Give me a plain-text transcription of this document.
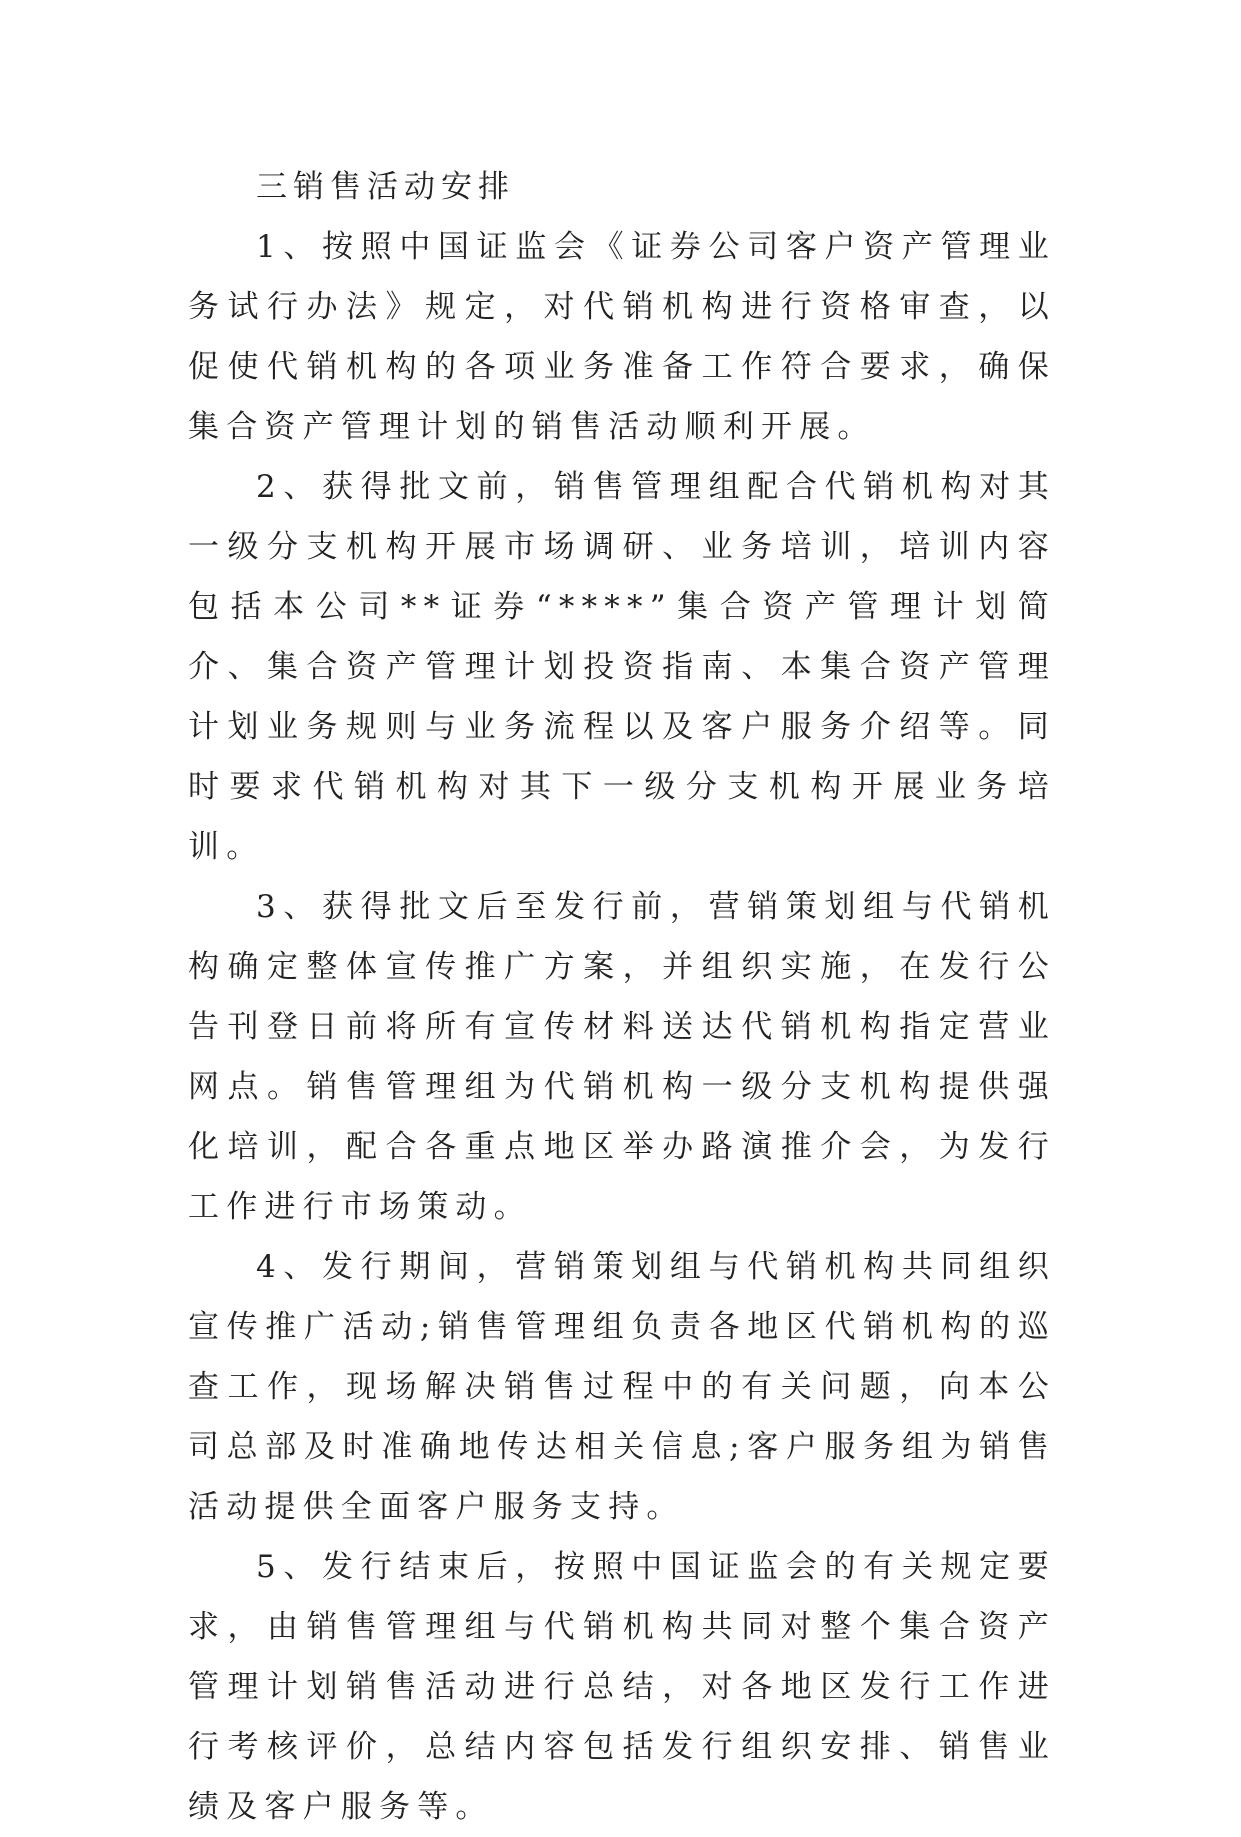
三销售活动安排

1、按照中国证监会《证券公司客户资产管理业务试行办法》规定，对代销机构进行资格审查，以促使代销机构的各项业务准备工作符合要求，确保集合资产管理计划的销售活动顺利开展。

2、获得批文前，销售管理组配合代销机构对其一级分支机构开展市场调研、业务培训，培训内容包括本公司**证券“****”集合资产管理计划简介、集合资产管理计划投资指南、本集合资产管理计划业务规则与业务流程以及客户服务介绍等。同时要求代销机构对其下一级分支机构开展业务培训。

3、获得批文后至发行前，营销策划组与代销机构确定整体宣传推广方案，并组织实施，在发行公告刊登日前将所有宣传材料送达代销机构指定营业网点。销售管理组为代销机构一级分支机构提供强化培训，配合各重点地区举办路演推介会，为发行工作进行市场策动。

4、发行期间，营销策划组与代销机构共同组织宣传推广活动;销售管理组负责各地区代销机构的巡查工作，现场解决销售过程中的有关问题，向本公司总部及时准确地传达相关信息;客户服务组为销售活动提供全面客户服务支持。

5、发行结束后，按照中国证监会的有关规定要求，由销售管理组与代销机构共同对整个集合资产管理计划销售活动进行总结，对各地区发行工作进行考核评价，总结内容包括发行组织安排、销售业绩及客户服务等。
